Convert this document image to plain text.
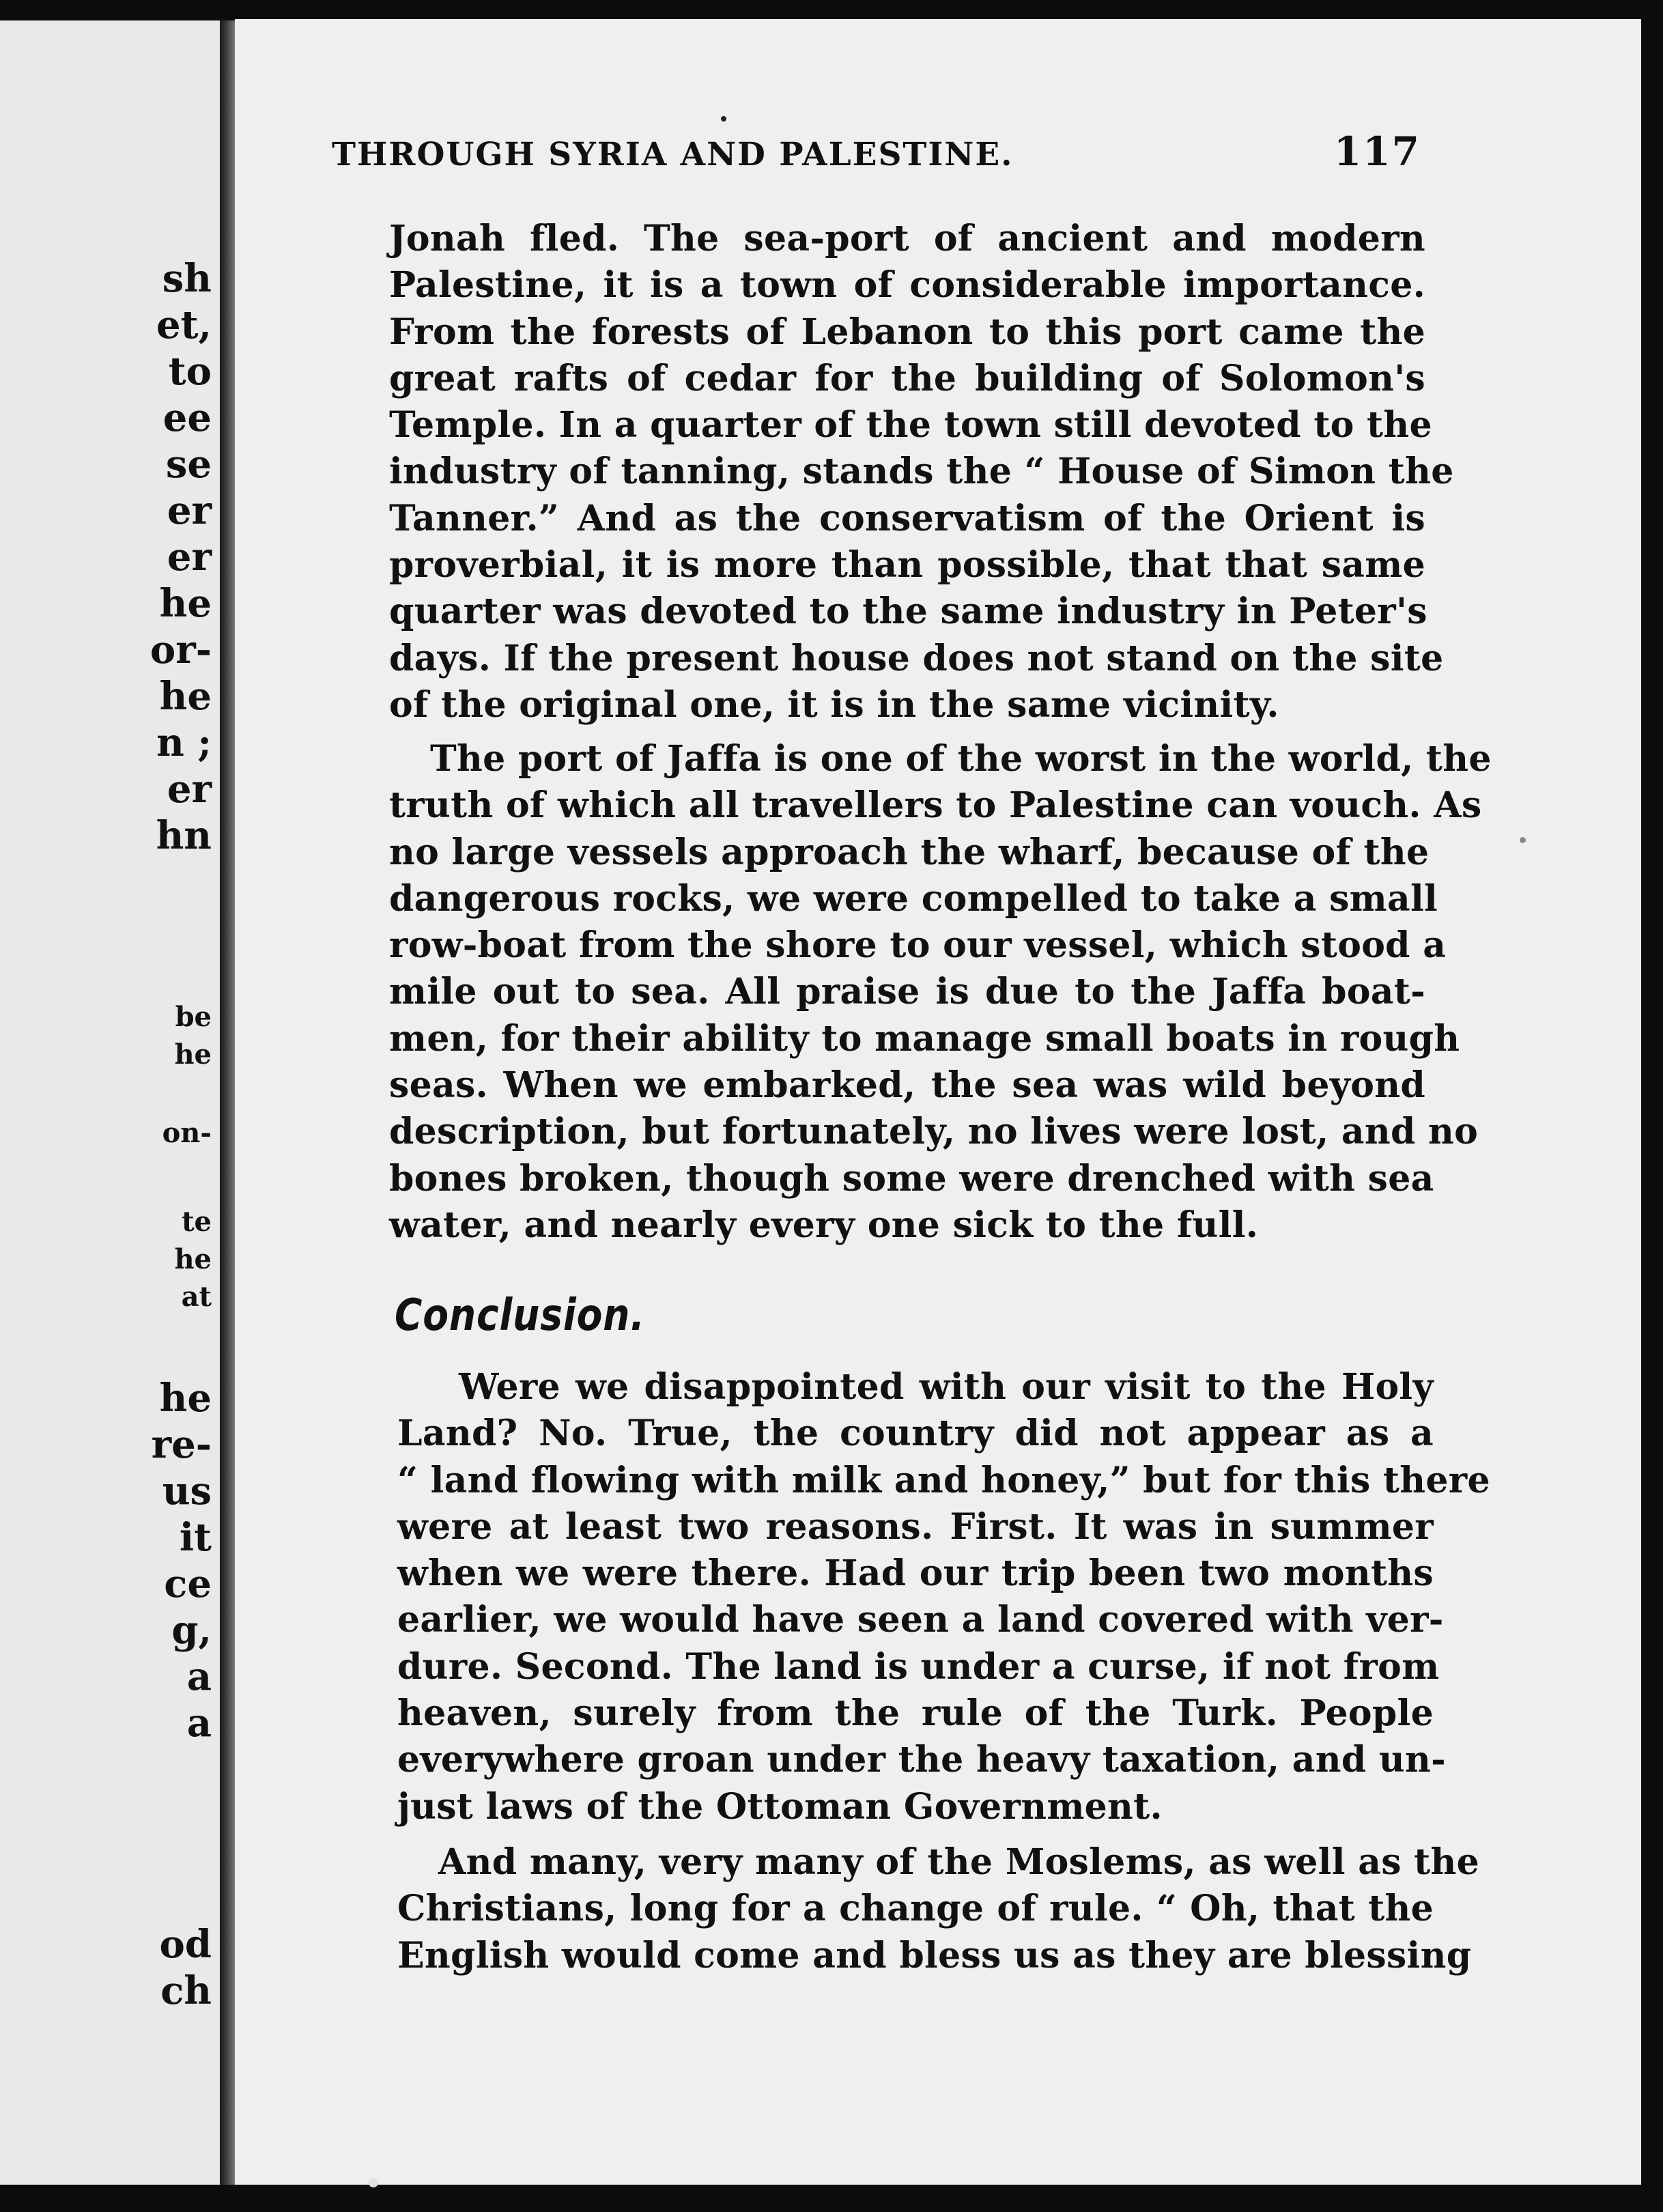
sh
et,
to
ee
se
er
er
he
or-
he
n ;
er
hn
be
he
on-
te
he
at
he
re-
us
it
ce
g,
a
a
od
ch
THROUGH SYRIA AND PALESTINE.	117
Jonah fled. The sea-port of ancient and modern
Palestine, it is a town of considerable importance.
From the forests of Lebanon to this port came the
great rafts of cedar for the building of Solomon's
Temple. In a quarter of the town still devoted to the
industry of tanning, stands the “ House of Simon the
Tanner.” And as the conservatism of the Orient is
proverbial, it is more than possible, that that same
quarter was devoted to the same industry in Peter's
days. If the present house does not stand on the site
of the original one, it is in the same vicinity.
The port of Jaffa is one of the worst in the world, the
truth of which all travellers to Palestine can vouch. As
no large vessels approach the wharf, because of the
dangerous rocks, we were compelled to take a small
row-boat from the shore to our vessel, which stood a
mile out to sea. All praise is due to the Jaffa boat-
men, for their ability to manage small boats in rough
seas. When we embarked, the sea was wild beyond
description, but fortunately, no lives were lost, and no
bones broken, though some were drenched with sea
water, and nearly every one sick to the full.
Conclusion.
Were we disappointed with our visit to the Holy
Land? No. True, the country did not appear as a
“ land flowing with milk and honey,” but for this there
were at least two reasons. First. It was in summer
when we were there. Had our trip been two months
earlier, we would have seen a land covered with ver-
dure. Second. The land is under a curse, if not from
heaven, surely from the rule of the Turk. People
everywhere groan under the heavy taxation, and un-
just laws of the Ottoman Government.
And many, very many of the Moslems, as well as the
Christians, long for a change of rule. “ Oh, that the
English would come and bless us as they are blessing
